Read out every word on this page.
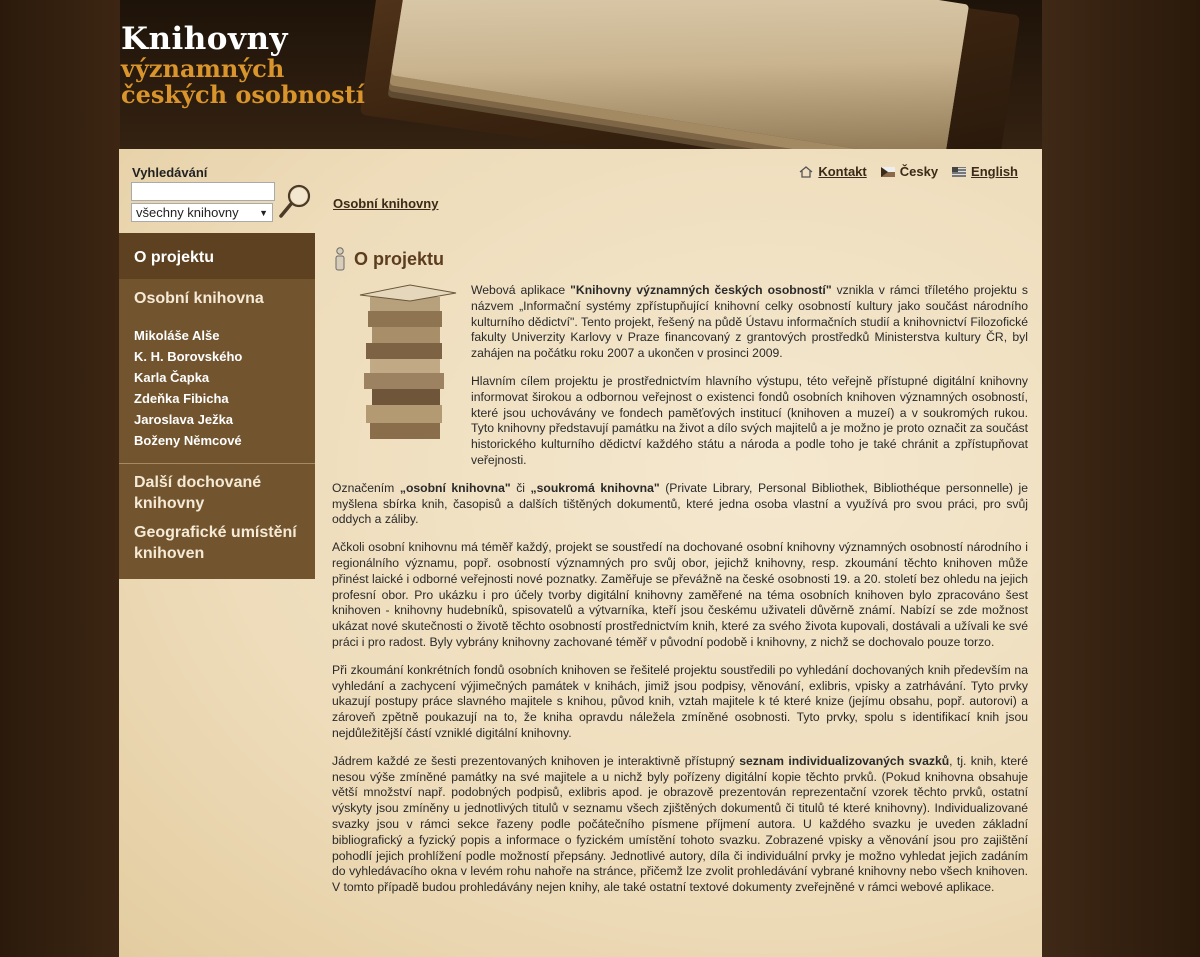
Knihovny
významných
českých osobností
Vyhledávání
všechny knihovny ▼
Osobní knihovny
Kontakt	Česky	English
O projektu
Osobní knihovna
Mikoláše Alše
K. H. Borovského
Karla Čapka
Zdeňka Fibicha
Jaroslava Ježka
Boženy Němcové
Další dochované knihovny
Geografické umístění knihoven
O projektu

Webová aplikace "Knihovny významných českých osobností" vznikla v rámci tříletého projektu s názvem „Informační systémy zpřístupňující knihovní celky osobností kultury jako součást národního kulturního dědictví". Tento projekt, řešený na půdě Ústavu informačních studií a knihovnictví Filozofické fakulty Univerzity Karlovy v Praze financovaný z grantových prostředků Ministerstva kultury ČR, byl zahájen na počátku roku 2007 a ukončen v prosinci 2009.

Hlavním cílem projektu je prostřednictvím hlavního výstupu, této veřejně přístupné digitální knihovny informovat širokou a odbornou veřejnost o existenci fondů osobních knihoven významných osobností, které jsou uchovávány ve fondech paměťových institucí (knihoven a muzeí) a v soukromých rukou. Tyto knihovny představují památku na život a dílo svých majitelů a je možno je proto označit za součást historického kulturního dědictví každého státu a národa a podle toho je také chránit a zpřístupňovat veřejnosti.

Označením „osobní knihovna" či „soukromá knihovna" (Private Library, Personal Bibliothek, Bibliothéque personnelle) je myšlena sbírka knih, časopisů a dalších tištěných dokumentů, které jedna osoba vlastní a využívá pro svou práci, pro svůj oddych a záliby.

Ačkoli osobní knihovnu má téměř každý, projekt se soustředí na dochované osobní knihovny významných osobností národního i regionálního významu, popř. osobností významných pro svůj obor, jejichž knihovny, resp. zkoumání těchto knihoven může přinést laické i odborné veřejnosti nové poznatky. Zaměřuje se převážně na české osobnosti 19. a 20. století bez ohledu na jejich profesní obor. Pro ukázku i pro účely tvorby digitální knihovny zaměřené na téma osobních knihoven bylo zpracováno šest knihoven - knihovny hudebníků, spisovatelů a výtvarníka, kteří jsou českému uživateli důvěrně známí. Nabízí se zde možnost ukázat nové skutečnosti o životě těchto osobností prostřednictvím knih, které za svého života kupovali, dostávali a užívali ke své práci i pro radost. Byly vybrány knihovny zachované téměř v původní podobě i knihovny, z nichž se dochovalo pouze torzo.

Při zkoumání konkrétních fondů osobních knihoven se řešitelé projektu soustředili po vyhledání dochovaných knih především na vyhledání a zachycení výjimečných památek v knihách, jimiž jsou podpisy, věnování, exlibris, vpisky a zatrhávání. Tyto prvky ukazují postupy práce slavného majitele s knihou, původ knih, vztah majitele k té které knize (jejímu obsahu, popř. autorovi) a zároveň zpětně poukazují na to, že kniha opravdu náležela zmíněné osobnosti. Tyto prvky, spolu s identifikací knih jsou nejdůležitější částí vzniklé digitální knihovny.

Jádrem každé ze šesti prezentovaných knihoven je interaktivně přístupný seznam individualizovaných svazků, tj. knih, které nesou výše zmíněné památky na své majitele a u nichž byly pořízeny digitální kopie těchto prvků. (Pokud knihovna obsahuje větší množství např. podobných podpisů, exlibris apod. je obrazově prezentován reprezentační vzorek těchto prvků, ostatní výskyty jsou zmíněny u jednotlivých titulů v seznamu všech zjištěných dokumentů či titulů té které knihovny). Individualizované svazky jsou v rámci sekce řazeny podle počátečního písmene příjmení autora. U každého svazku je uveden základní bibliografický a fyzický popis a informace o fyzickém umístění tohoto svazku. Zobrazené vpisky a věnování jsou pro zajištění pohodlí jejich prohlížení podle možností přepsány. Jednotlivé autory, díla či individuální prvky je možno vyhledat jejich zadáním do vyhledávacího okna v levém rohu nahoře na stránce, přičemž lze zvolit prohledávání vybrané knihovny nebo všech knihoven. V tomto případě budou prohledávány nejen knihy, ale také ostatní textové dokumenty zveřejněné v rámci webové aplikace.
